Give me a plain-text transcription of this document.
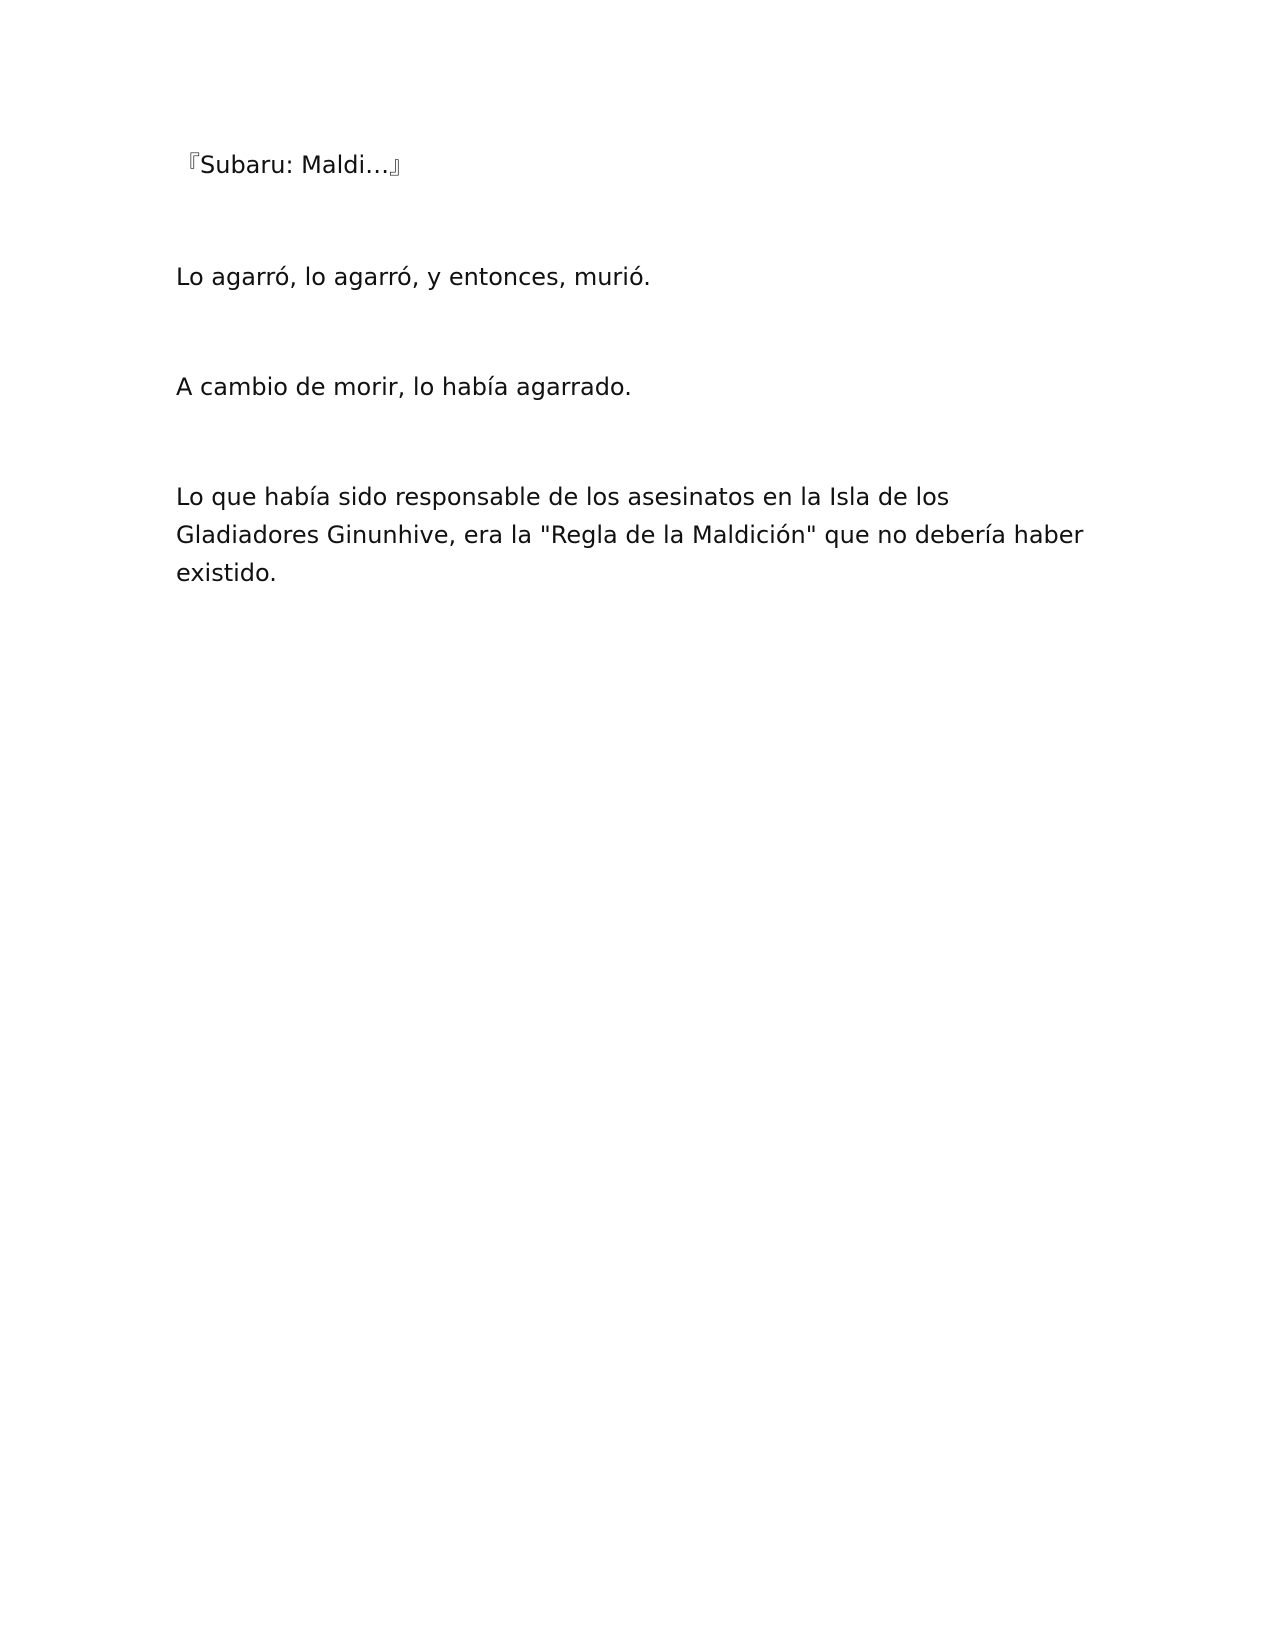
『Subaru: Maldi…』

Lo agarró, lo agarró, y entonces, murió.

A cambio de morir, lo había agarrado.

Lo que había sido responsable de los asesinatos en la Isla de los Gladiadores Ginunhive, era la "Regla de la Maldición" que no debería haber existido.
